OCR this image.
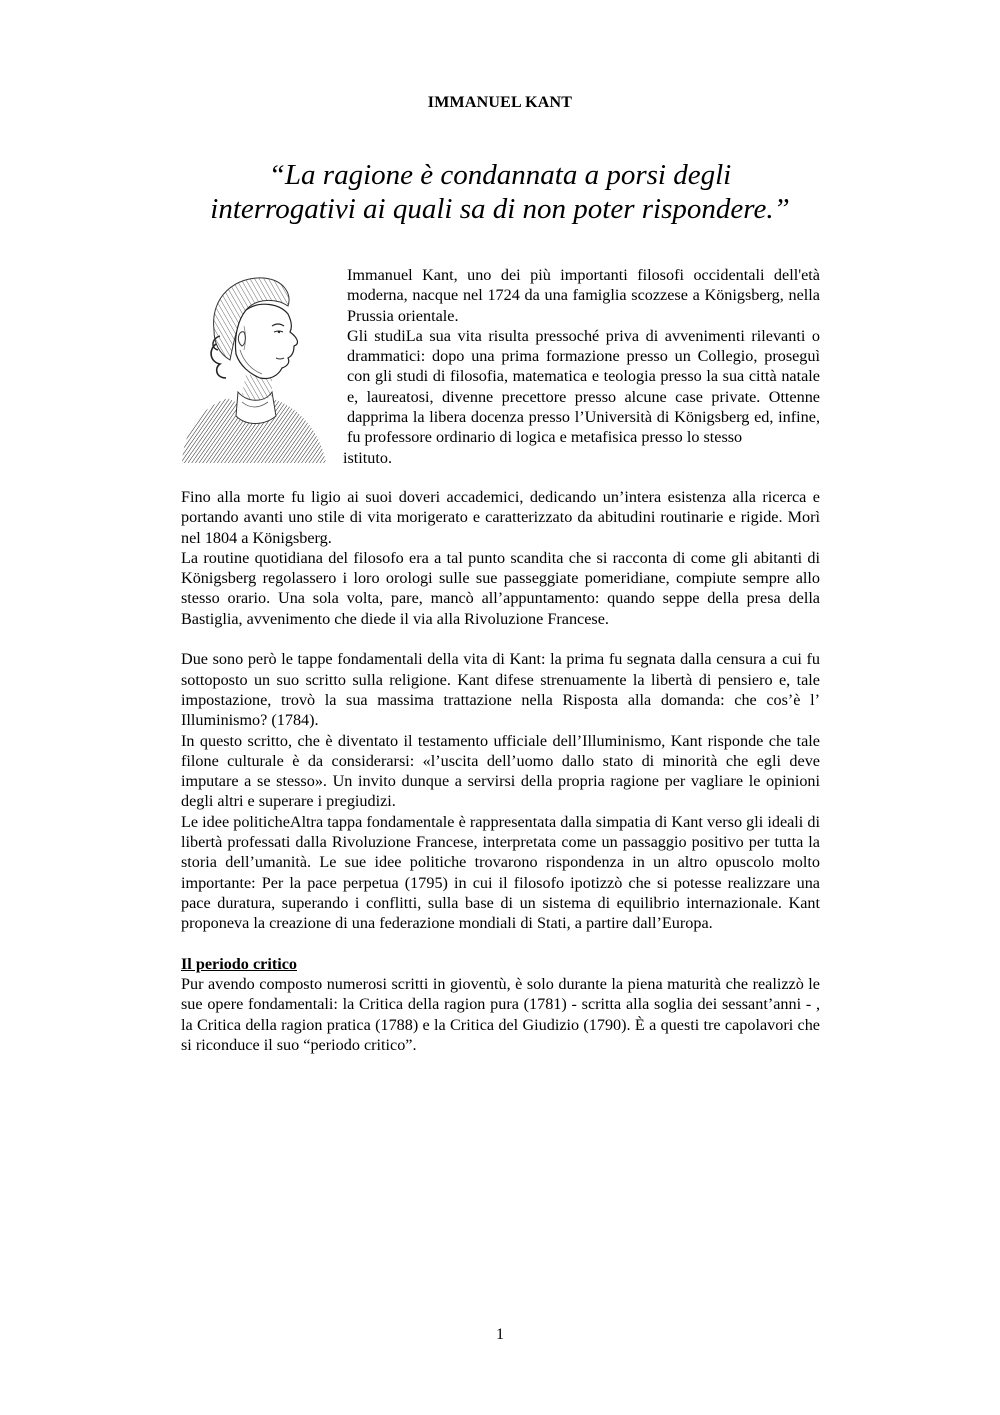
IMMANUEL KANT
“La ragione è condannata a porsi degli
interrogativi ai quali sa di non poter rispondere.”

Immanuel Kant, uno dei più importanti filosofi occidentali dell'età moderna, nacque nel 1724 da una famiglia scozzese a Königsberg, nella Prussia orientale.

Gli studiLa sua vita risulta pressoché priva di avvenimenti rilevanti o drammatici: dopo una prima formazione presso un Collegio, proseguì con gli studi di filosofia, matematica e teologia presso la sua città natale e, laureatosi, divenne precettore presso alcune case private. Ottenne dapprima la libera docenza presso l’Università di Königsberg ed, infine, fu professore ordinario di logica e metafisica presso lo stesso

istituto.

Fino alla morte fu ligio ai suoi doveri accademici, dedicando un’intera esistenza alla ricerca e portando avanti uno stile di vita morigerato e caratterizzato da abitudini routinarie e rigide. Morì nel 1804 a Königsberg.

La routine quotidiana del filosofo era a tal punto scandita che si racconta di come gli abitanti di Königsberg regolassero i loro orologi sulle sue passeggiate pomeridiane, compiute sempre allo stesso orario. Una sola volta, pare, mancò all’appuntamento: quando seppe della presa della Bastiglia, avvenimento che diede il via alla Rivoluzione Francese.

Due sono però le tappe fondamentali della vita di Kant: la prima fu segnata dalla censura a cui fu sottoposto un suo scritto sulla religione. Kant difese strenuamente la libertà di pensiero e, tale impostazione, trovò la sua massima trattazione nella Risposta alla domanda: che cos’è l’ Illuminismo? (1784).

In questo scritto, che è diventato il testamento ufficiale dell’Illuminismo, Kant risponde che tale filone culturale è da considerarsi: «l’uscita dell’uomo dallo stato di minorità che egli deve imputare a se stesso». Un invito dunque a servirsi della propria ragione per vagliare le opinioni degli altri e superare i pregiudizi.

Le idee politicheAltra tappa fondamentale è rappresentata dalla simpatia di Kant verso gli ideali di libertà professati dalla Rivoluzione Francese, interpretata come un passaggio positivo per tutta la storia dell’umanità. Le sue idee politiche trovarono rispondenza in un altro opuscolo molto importante: Per la pace perpetua (1795) in cui il filosofo ipotizzò che si potesse realizzare una pace duratura, superando i conflitti, sulla base di un sistema di equilibrio internazionale. Kant proponeva la creazione di una federazione mondiali di Stati, a partire dall’Europa.

Il periodo critico

Pur avendo composto numerosi scritti in gioventù, è solo durante la piena maturità che realizzò le sue opere fondamentali: la Critica della ragion pura (1781) - scritta alla soglia dei sessant’anni - , la Critica della ragion pratica (1788) e la Critica del Giudizio (1790). È a questi tre capolavori che si riconduce il suo “periodo critico”.

1
